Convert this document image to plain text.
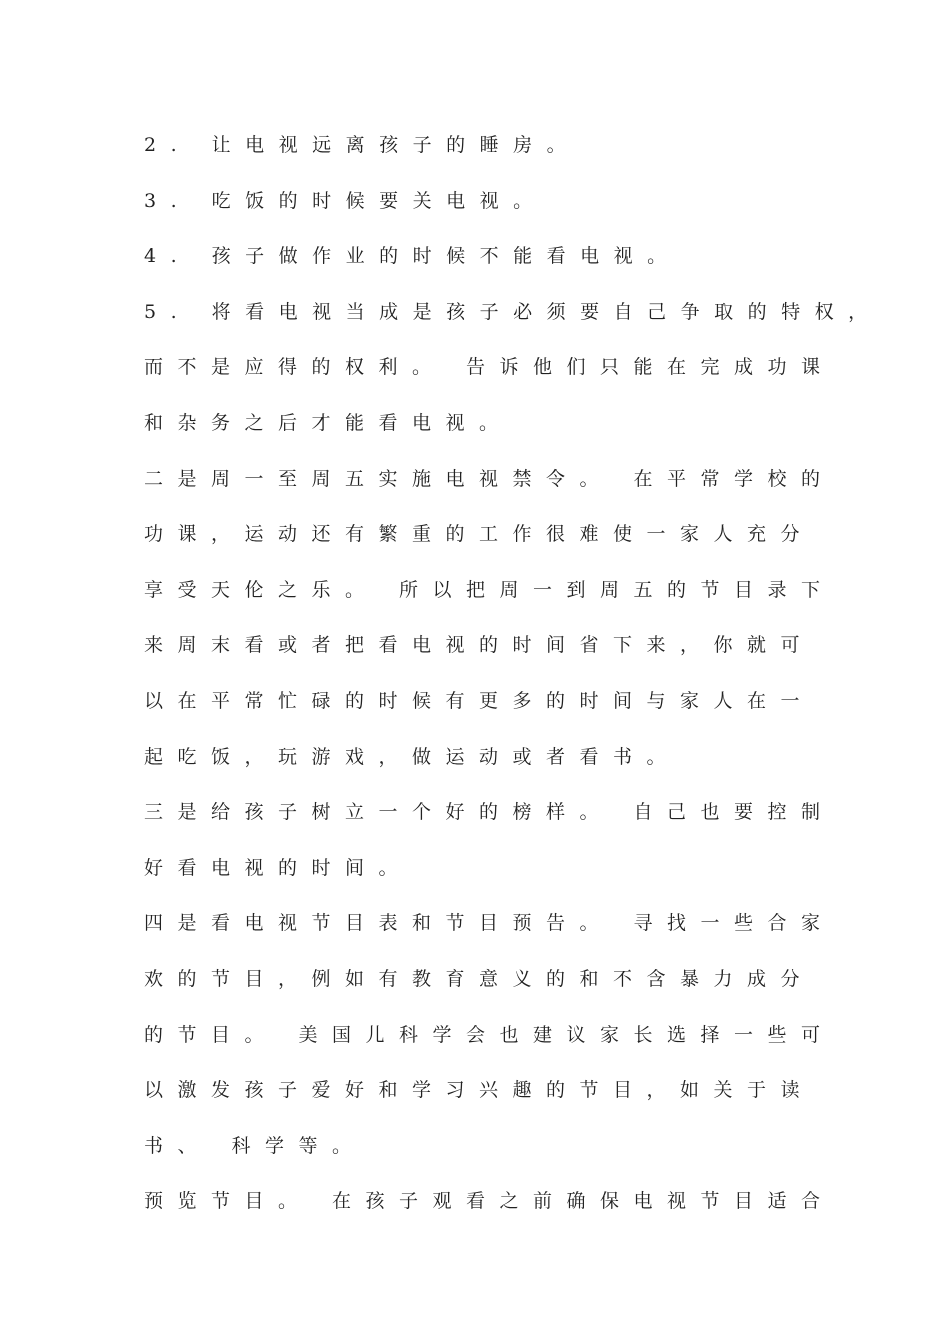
2. 让电视远离孩子的睡房。
3. 吃饭的时候要关电视。
4. 孩子做作业的时候不能看电视。
5. 将看电视当成是孩子必须要自己争取的特权，
而不是应得的权利。 告诉他们只能在完成功课
和杂务之后才能看电视。
二是周一至周五实施电视禁令。 在平常学校的
功课，运动还有繁重的工作很难使一家人充分
享受天伦之乐。 所以把周一到周五的节目录下
来周末看或者把看电视的时间省下来，你就可
以在平常忙碌的时候有更多的时间与家人在一
起吃饭，玩游戏，做运动或者看书。
三是给孩子树立一个好的榜样。 自己也要控制
好看电视的时间。
四是看电视节目表和节目预告。 寻找一些合家
欢的节目，例如有教育意义的和不含暴力成分
的节目。 美国儿科学会也建议家长选择一些可
以激发孩子爱好和学习兴趣的节目，如关于读
书、 科学等。
预览节目。 在孩子观看之前确保电视节目适合
